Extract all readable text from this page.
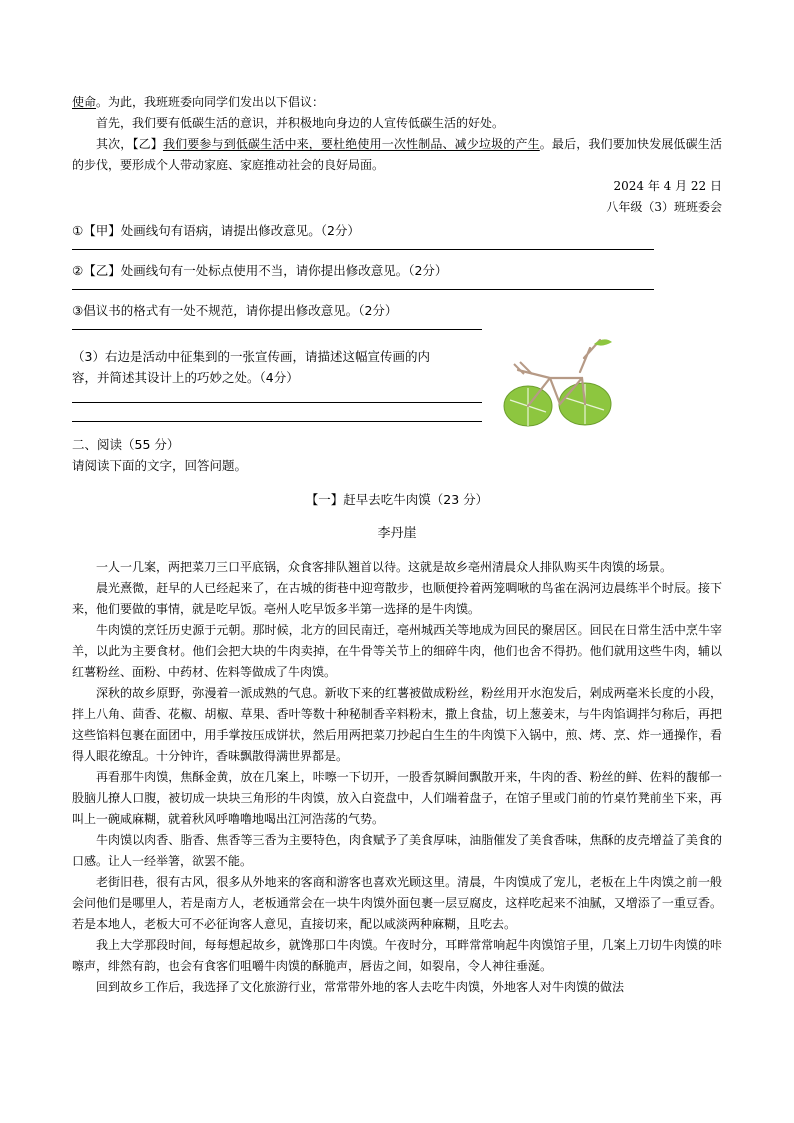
使命。为此，我班班委向同学们发出以下倡议：

首先，我们要有低碳生活的意识，并积极地向身边的人宣传低碳生活的好处。

其次，【乙】我们要参与到低碳生活中来，要杜绝使用一次性制品、减少垃圾的产生。最后，我们要加快发展低碳生活的步伐，要形成个人带动家庭、家庭推动社会的良好局面。

2024 年 4 月 22 日

八年级（3）班班委会

①【甲】处画线句有语病，请提出修改意见。（2分）

②【乙】处画线句有一处标点使用不当，请你提出修改意见。（2分）

③倡议书的格式有一处不规范，请你提出修改意见。（2分）

（3）右边是活动中征集到的一张宣传画，请描述这幅宣传画的内

容，并简述其设计上的巧妙之处。（4分）

二、阅读（55 分）

请阅读下面的文字，回答问题。

【一】赶早去吃牛肉馍（23 分）

李丹崖

一人一几案，两把菜刀三口平底锅，众食客排队翘首以待。这就是故乡亳州清晨众人排队购买牛肉馍的场景。

晨光熹微，赶早的人已经起来了，在古城的街巷中迎弯散步，也顺便拎着两笼啁啾的鸟雀在涡河边晨练半个时辰。接下来，他们要做的事情，就是吃早饭。亳州人吃早饭多半第一选择的是牛肉馍。

牛肉馍的烹饪历史源于元朝。那时候，北方的回民南迁，亳州城西关等地成为回民的聚居区。回民在日常生活中烹牛宰羊，以此为主要食材。他们会把大块的牛肉卖掉，在牛骨等关节上的细碎牛肉，他们也舍不得扔。他们就用这些牛肉，辅以红薯粉丝、面粉、中药材、佐料等做成了牛肉馍。

深秋的故乡原野，弥漫着一派成熟的气息。新收下来的红薯被做成粉丝，粉丝用开水泡发后，剁成两毫米长度的小段，拌上八角、茴香、花椒、胡椒、草果、香叶等数十种秘制香辛料粉末，撒上食盐，切上葱姜末，与牛肉馅调拌匀称后，再把这些馅料包裹在面团中，用手掌按压成饼状，然后用两把菜刀抄起白生生的牛肉馍下入锅中，煎、烤、烹、炸一通操作，看得人眼花缭乱。十分钟许，香味飘散得满世界都是。

再看那牛肉馍，焦酥金黄，放在几案上，咔嚓一下切开，一股香氛瞬间飘散开来，牛肉的香、粉丝的鲜、佐料的馥郁一股脑儿撩人口腹，被切成一块块三角形的牛肉馍，放入白瓷盘中，人们端着盘子，在馆子里或门前的竹桌竹凳前坐下来，再叫上一碗咸麻糊，就着秋风呼噜噜地喝出江河浩荡的气势。

牛肉馍以肉香、脂香、焦香等三香为主要特色，肉食赋予了美食厚味，油脂催发了美食香味，焦酥的皮壳增益了美食的口感。让人一经举箸，欲罢不能。

老街旧巷，很有古风，很多从外地来的客商和游客也喜欢光顾这里。清晨，牛肉馍成了宠儿，老板在上牛肉馍之前一般会问他们是哪里人，若是南方人，老板通常会在一块牛肉馍外面包裹一层豆腐皮，这样吃起来不油腻，又增添了一重豆香。若是本地人，老板大可不必征询客人意见，直接切来，配以咸淡两种麻糊，且吃去。

我上大学那段时间，每每想起故乡，就馋那口牛肉馍。午夜时分，耳畔常常响起牛肉馍馆子里，几案上刀切牛肉馍的咔嚓声，绯然有韵，也会有食客们咀嚼牛肉馍的酥脆声，唇齿之间，如裂帛，令人神往垂涎。

回到故乡工作后，我选择了文化旅游行业，常常带外地的客人去吃牛肉馍，外地客人对牛肉馍的做法
